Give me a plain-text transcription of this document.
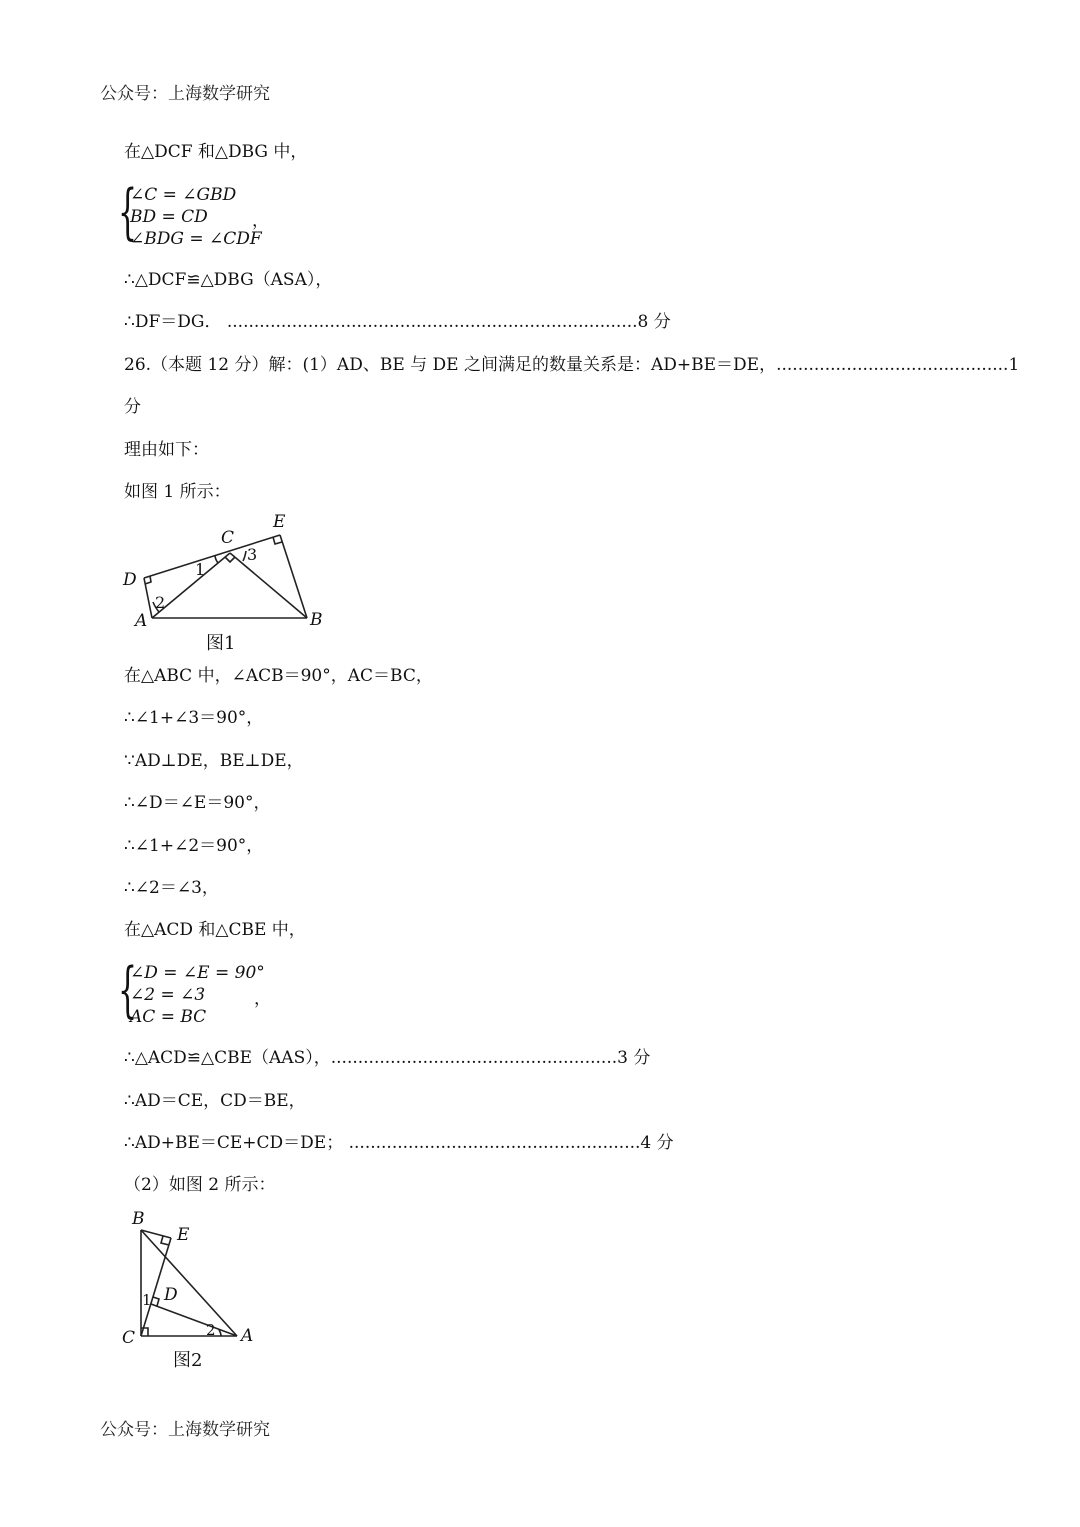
公众号：上海数学研究
在△DCF 和△DBG 中，
{
∠C = ∠GBD
BD = CD
∠BDG = ∠CDF
，
∴△DCF≌△DBG（ASA），
∴DF＝DG． ............................................................................8 分
26.（本题 12 分）解：(1）AD、BE 与 DE 之间满足的数量关系是：AD+BE＝DE，...........................................1
分
理由如下：
如图 1 所示：
A	B
C
D
E
1
2
3
图1
在△ABC 中，∠ACB＝90°，AC＝BC，
∴∠1+∠3＝90°，
∵AD⊥DE，BE⊥DE，
∴∠D＝∠E＝90°，
∴∠1+∠2＝90°，
∴∠2＝∠3，
在△ACD 和△CBE 中，
{
∠D = ∠E = 90°
∠2 = ∠3
AC = BC
，
∴△ACD≌△CBE（AAS），.....................................................3 分
∴AD＝CE，CD＝BE，
∴AD+BE＝CE+CD＝DE； ......................................................4 分
（2）如图 2 所示：
A
B
C
D
E
1
2
图2
公众号：上海数学研究
